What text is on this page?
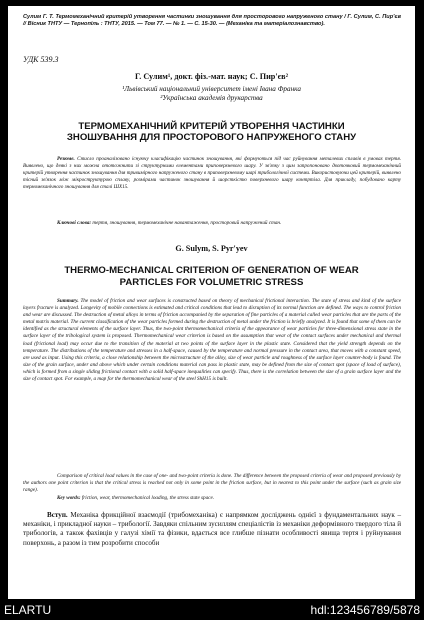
Сулим Г. Т. Термомеханічний критерій утворення частинки зношування для просторового напруженого стану / Г. Сулим, С. Пир'єв // Вісник ТНТУ — Тернопіль : ТНТУ, 2015. — Том 77. — № 1. — С. 15-30. — (Механіка та матеріалознавство).
УДК 539.3
Г. Сулим¹, докт. фіз.-мат. наук; С. Пир'єв²
¹Львівський національний університет імені Івана Франка
²Українська академія друкарства
ТЕРМОМЕХАНІЧНИЙ КРИТЕРІЙ УТВОРЕННЯ ЧАСТИНКИ
ЗНОШУВАННЯ ДЛЯ ПРОСТОРОВОГО НАПРУЖЕНОГО СТАНУ

Резюме. Стисло проаналізовано існуючу класифікацію частинок зношування, які формуються під час руйнування металевих сплавів в умовах тертя. Виявлено, що деякі з них можна ототожнити зі структурними елементами приповерхневого шару. У зв'язку з цим запропоновано двоточковий термомеханічний критерій утворення частинок зношування для тривимірного напруженого стану в приповерхневому шарі трибологічної системи. Використовуючи цей критерій, виявлено тісний зв'язок між мікроструктурою сплаву, розмірами частинок зношування й шорсткістю поверхневого шару контртіла. Для прикладу, побудовано карту термомеханічного зношування для сталі ШХ15.

Ключові слова: тертя, зношування, термомеханічне навантаження, просторовий напружений стан.

G. Sulym, S. Pyr'yev
THERMO-MECHANICAL CRITERION OF GENERATION OF WEAR
PARTICLES FOR VOLUMETRIC STRESS

Summary. The model of friction and wear surfaces is constructed based on theory of mechanical frictional interaction. The state of stress and kind of the surface layers fracture is analyzed. Longevity of mobile connections is estimated and critical conditions that lead to disruption of its normal function are defined. The ways to control friction and wear are discussed. The destruction of metal alloys in terms of friction accompanied by the separation of fine particles of a material called wear particles that are the parts of the metal matrix material. The current classification of the wear particles formed during the destruction of metal under the friction is briefly analyzed. It is found that some of them can be identified as the structural elements of the surface layer. Thus, the two-point thermomechanical criteria of the appearance of wear particles for three-dimensional stress state in the surface layer of the tribological system is proposed. Thermomechanical wear criterion is based on the assumption that wear of the contact surfaces under mechanical and thermal load (frictional load) may occur due to the transition of the material at two points of the surface layer in the plastic state. Considered that the yield strength depends on the temperature. The distributions of the temperature and stresses in a half-space, caused by the temperature and normal pressure in the contact area, that moves with a constant speed, are used as input. Using this criteria, a close relationship between the microstructure of the alloy, size of wear particle and roughness of the surface layer counter-body is found. The size of the grain surface, under and above which under certain conditions material can pass in plastic state, may be defined from the size of contact spot (space of load of surface), which is formed from a single sliding frictional contact with a solid half-space inequalities can specify. Thus, there is the correlation between the size of a grain surface layer and the size of contact spot. For example, a map for the thermomechanical wear of the steel ShH15 is built.

Comparison of critical load values in the case of one- and two-point criteria is done. The difference between the proposed criteria of wear and proposed previously by the authors one point criterion is that the critical stress is reached not only in some point in the friction surface, but in nearest to this point under the surface (such as grain size range).

Key words: friction, wear, thermomechanical loading, the stress state space.

Вступ. Механіка фрикційної взаємодії (трибомеханіка) є напрямком досліджень однієї з фундаментальних наук – механіки, і прикладної науки – трибології. Завдяки спільним зусиллям спеціалістів із механіки деформівного твердого тіла й трибологів, а також фахівців у галузі хімії та фізики, вдається все глибше пізнати особливості явища тертя і руйнування поверхонь, а разом із тим розробити способи

ELARTU	hdl:123456789/5878
